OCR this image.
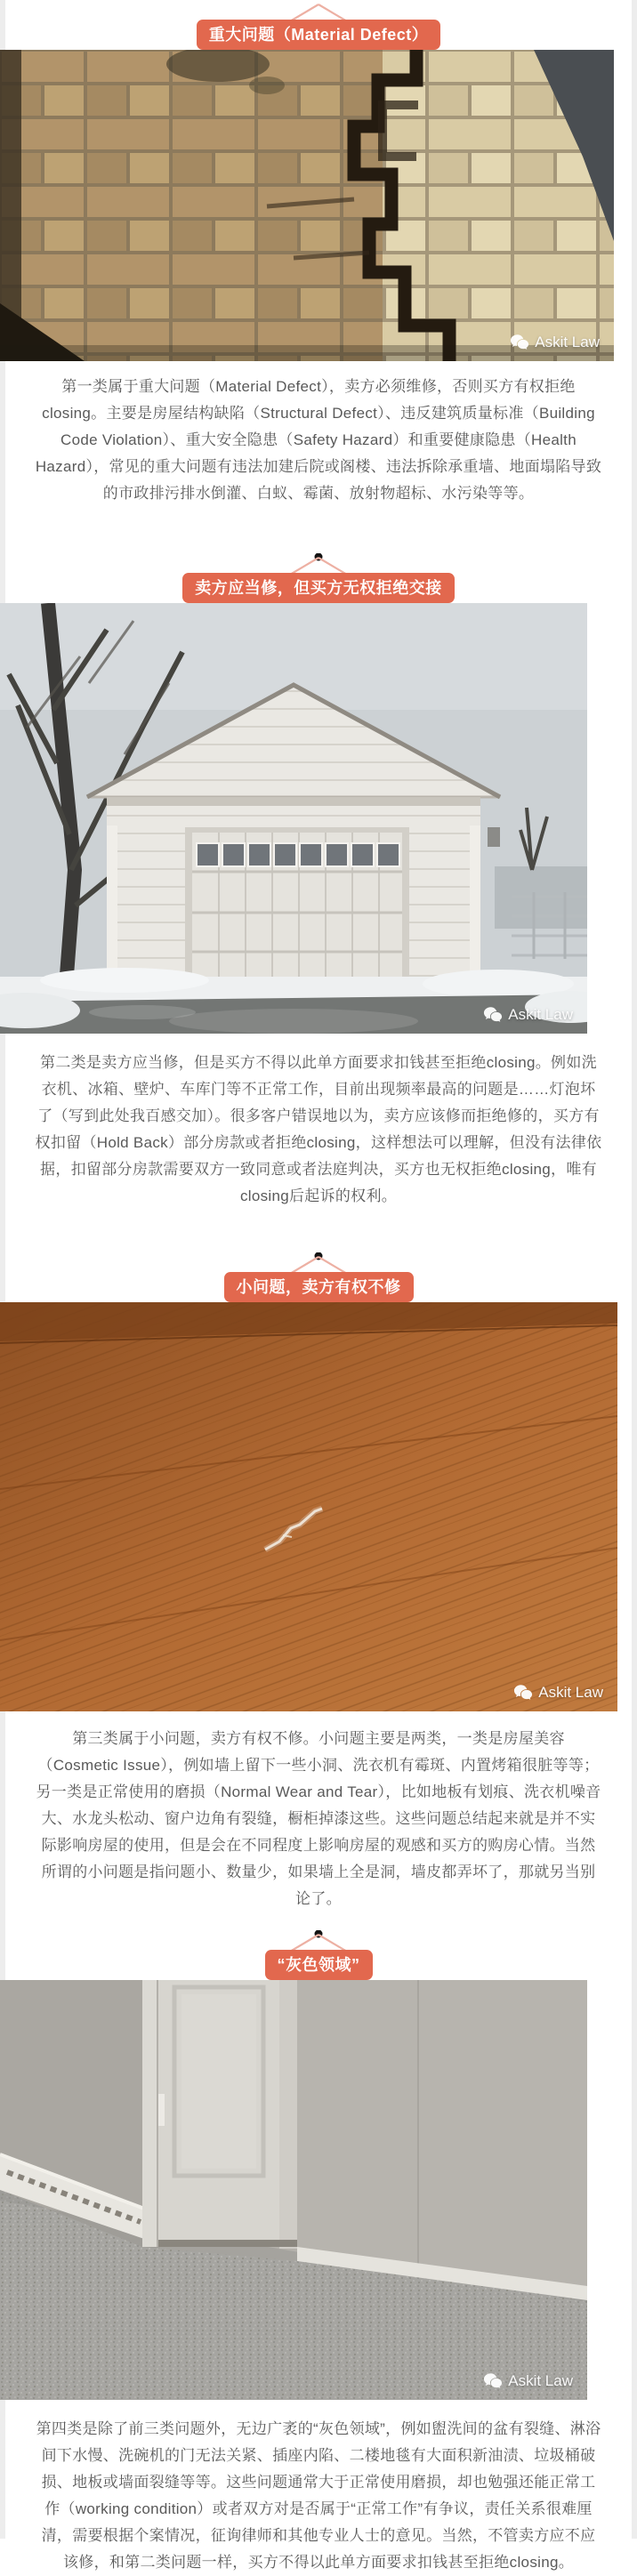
重大问题（Material Defect）
Askit Law

第一类属于重大问题（Material Defect），卖方必须维修，否则买方有权拒绝closing。主要是房屋结构缺陷（Structural Defect）、违反建筑质量标准（Building Code Violation）、重大安全隐患（Safety Hazard）和重要健康隐患（Health Hazard），常见的重大问题有违法加建后院或阁楼、违法拆除承重墙、地面塌陷导致的市政排污排水倒灌、白蚁、霉菌、放射物超标、水污染等等。

卖方应当修，但买方无权拒绝交接
Askit Law

第二类是卖方应当修，但是买方不得以此单方面要求扣钱甚至拒绝closing。例如洗衣机、冰箱、壁炉、车库门等不正常工作，目前出现频率最高的问题是……灯泡坏了（写到此处我百感交加）。很多客户错误地以为，卖方应该修而拒绝修的，买方有权扣留（Hold Back）部分房款或者拒绝closing，这样想法可以理解，但没有法律依据，扣留部分房款需要双方一致同意或者法庭判决，买方也无权拒绝closing，唯有closing后起诉的权利。

小问题，卖方有权不修
Askit Law

第三类属于小问题，卖方有权不修。小问题主要是两类，一类是房屋美容（Cosmetic Issue），例如墙上留下一些小洞、洗衣机有霉斑、内置烤箱很脏等等；另一类是正常使用的磨损（Normal Wear and Tear），比如地板有划痕、洗衣机噪音大、水龙头松动、窗户边角有裂缝，橱柜掉漆这些。这些问题总结起来就是并不实际影响房屋的使用，但是会在不同程度上影响房屋的观感和买方的购房心情。当然所谓的小问题是指问题小、数量少，如果墙上全是洞，墙皮都弄坏了，那就另当别论了。

“灰色领域”
Askit Law

第四类是除了前三类问题外，无边广袤的“灰色领域”，例如盥洗间的盆有裂缝、淋浴间下水慢、洗碗机的门无法关紧、插座内陷、二楼地毯有大面积新油渍、垃圾桶破损、地板或墙面裂缝等等。这些问题通常大于正常使用磨损，却也勉强还能正常工作（working condition）或者双方对是否属于“正常工作”有争议，责任关系很难厘清，需要根据个案情况，征询律师和其他专业人士的意见。当然，不管卖方应不应该修，和第二类问题一样，买方不得以此单方面要求扣钱甚至拒绝closing。
